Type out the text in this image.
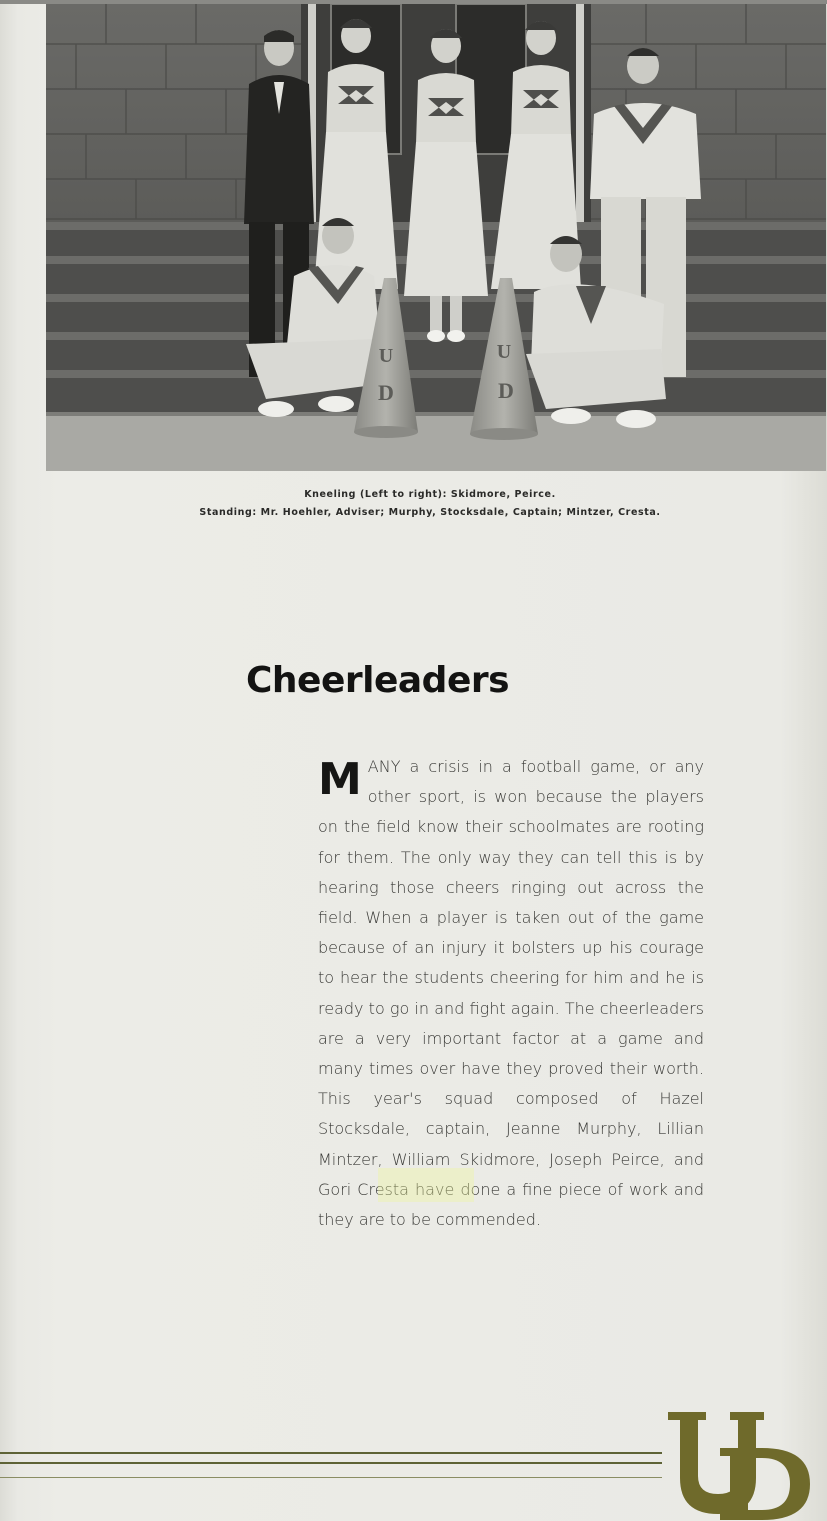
U
D
U
D
Kneeling (Left to right): Skidmore, Peirce.
Standing: Mr. Hoehler, Adviser; Murphy, Stocksdale, Captain; Mintzer, Cresta.
Cheerleaders
MANY a crisis in a football game, or any other sport, is won because the players on the field know their schoolmates are rooting for them. The only way they can tell this is by hearing those cheers ringing out across the field. When a player is taken out of the game because of an injury it bolsters up his courage to hear the students cheering for him and he is ready to go in and fight again. The cheerleaders are a very important factor at a game and many times over have they proved their worth. This year's squad composed of Hazel Stocksdale, captain, Jeanne Murphy, Lillian Mintzer, William Skidmore, Joseph Peirce, and Gori Cresta have done a fine piece of work and they are to be commended.
